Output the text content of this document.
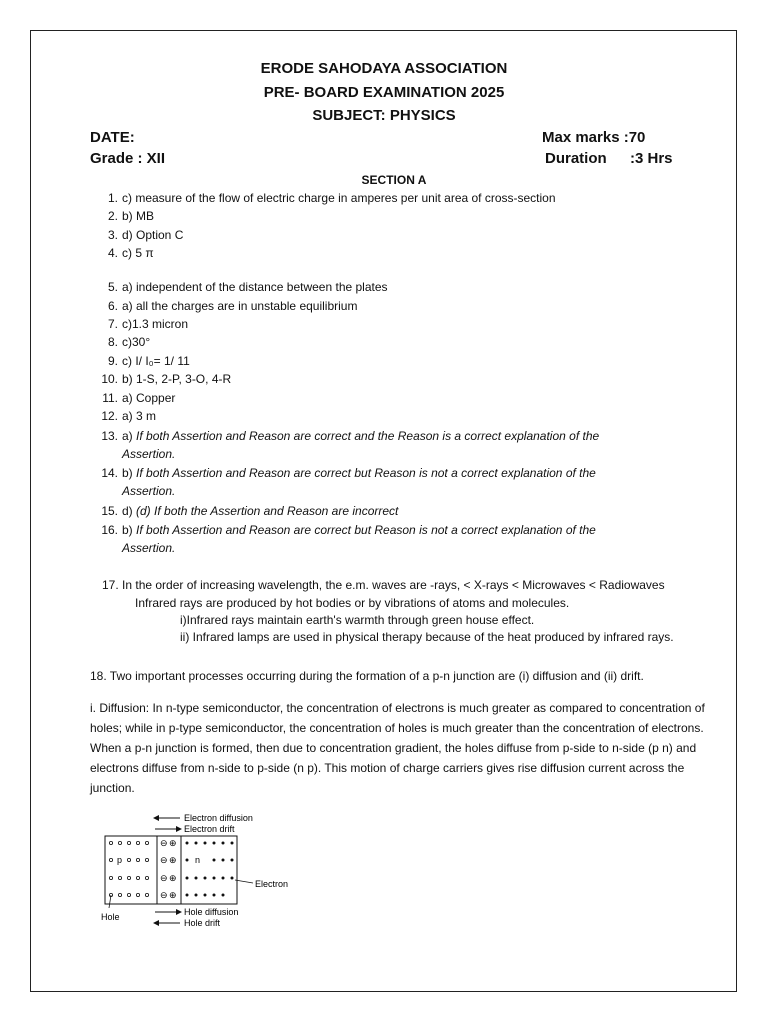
ERODE SAHODAYA ASSOCIATION
PRE- BOARD EXAMINATION 2025
SUBJECT: PHYSICS
DATE:	Max marks :70
Grade : XII	Duration :3 Hrs
SECTION A
1. c) measure of the flow of electric charge in amperes per unit area of cross-section
2. b) MB
3. d) Option C
4. c) 5 π
5. a) independent of the distance between the plates
6. a) all the charges are in unstable equilibrium
7. c)1.3 micron
8. c)30°
9. c) I/ I₀= 1/ 11
10. b) 1-S, 2-P, 3-O, 4-R
11. a) Copper
12. a) 3 m
13. a) If both Assertion and Reason are correct and the Reason is a correct explanation of the
Assertion.
14. b) If both Assertion and Reason are correct but Reason is not a correct explanation of the
Assertion.
15. d) (d) If both the Assertion and Reason are incorrect
16. b) If both Assertion and Reason are correct but Reason is not a correct explanation of the
Assertion.
17. In the order of increasing wavelength, the e.m. waves are -rays, < X-rays < Microwaves < Radiowaves
Infrared rays are produced by hot bodies or by vibrations of atoms and molecules.
i)Infrared rays maintain earth's warmth through green house effect.
ii) Infrared lamps are used in physical therapy because of the heat produced by infrared rays.
18. Two important processes occurring during the formation of a p-n junction are (i) diffusion and (ii) drift.
i. Diffusion: In n-type semiconductor, the concentration of electrons is much greater as compared to concentration of holes; while in p-type semiconductor, the concentration of holes is much greater than the concentration of electrons. When a p-n junction is formed, then due to concentration gradient, the holes diffuse from p-side to n-side (p n) and electrons diffuse from n-side to p-side (n p). This motion of charge carriers gives rise diffusion current across the junction.
Electron diffusion
Electron drift
p
⊖ ⊕
⊖ ⊕
⊖ ⊕
⊖ ⊕
n
Electron
Hole	Hole diffusion
Hole drift
